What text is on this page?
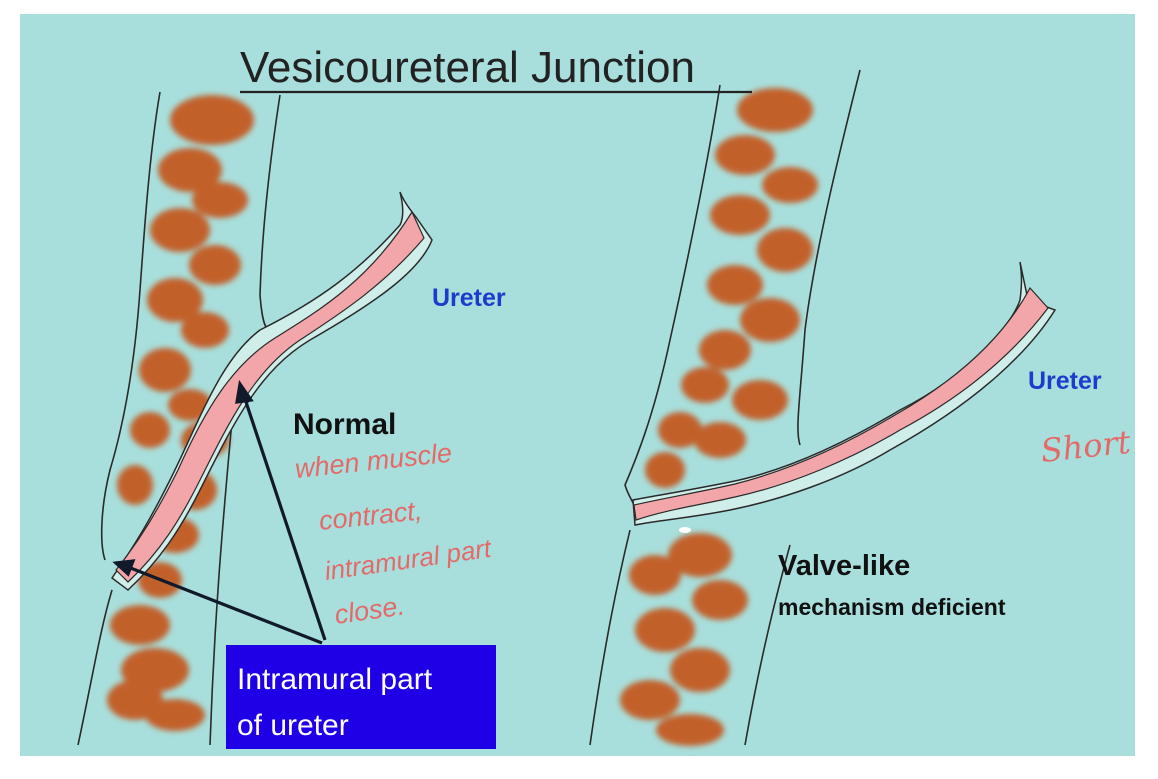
Vesicoureteral Junction
Ureter
Normal
Intramural part
of ureter
Ureter
Valve-like
mechanism deficient
when muscle
contract,
intramural part
close.
Short
